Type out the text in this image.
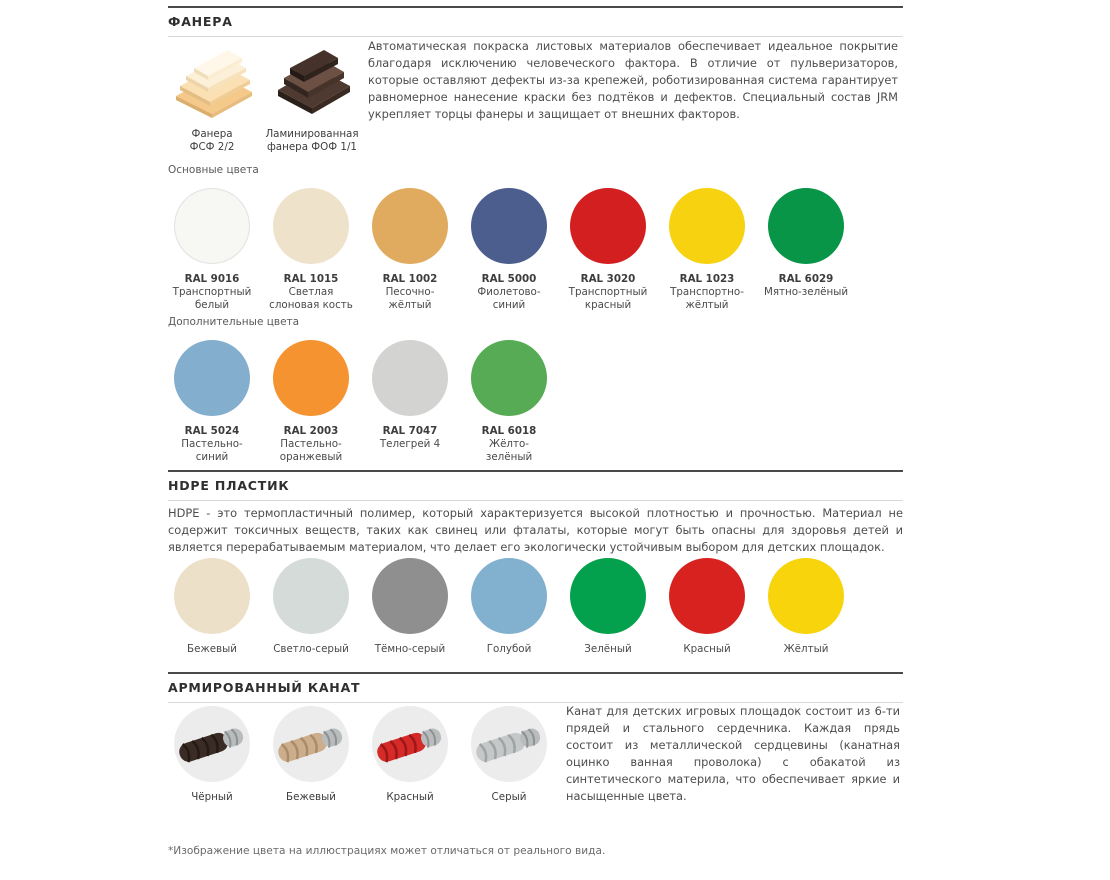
ФАНЕРА
Фанера
ФСФ 2/2
Ламинированная
фанера ФОФ 1/1
Автоматическая покраска листовых материалов обеспечивает идеальное покрытие благодаря исключению человеческого фактора. В отличие от пульверизаторов, которые оставляют дефекты из-за крепежей, роботизированная система гарантирует равномерное нанесение краски без подтёков и дефектов. Специальный состав JRM укрепляет торцы фанеры и защищает от внешних факторов.
Основные цвета
RAL 9016
Транспортный
белый
RAL 1015
Светлая
слоновая кость
RAL 1002
Песочно-
жёлтый
RAL 5000
Фиолетово-
синий
RAL 3020
Транспортный
красный
RAL 1023
Транспортно-
жёлтый
RAL 6029
Мятно-зелёный
Дополнительные цвета
RAL 5024
Пастельно-
синий
RAL 2003
Пастельно-
оранжевый
RAL 7047
Телегрей 4
RAL 6018
Жёлто-
зелёный
HDPE ПЛАСТИК
HDPE - это термопластичный полимер, который характеризуется высокой плотностью и прочностью. Материал не содержит токсичных веществ, таких как свинец или фталаты, которые могут быть опасны для здоровья детей и является перерабатываемым материалом, что делает его экологически устойчивым выбором для детских площадок.
Бежевый	Светло-серый	Тёмно-серый	Голубой	Зелёный	Красный	Жёлтый
АРМИРОВАННЫЙ КАНАТ
Канат для детских игровых площадок состоит из 6-ти прядей и стального сердечника. Каждая прядь состоит из металлической сердцевины (канатная оцинко ванная проволока) с обакатой из синтетического материла, что обеспечивает яркие и насыщенные цвета.
Чёрный	Бежевый	Красный	Серый
*Изображение цвета на иллюстрациях может отличаться от реального вида.
